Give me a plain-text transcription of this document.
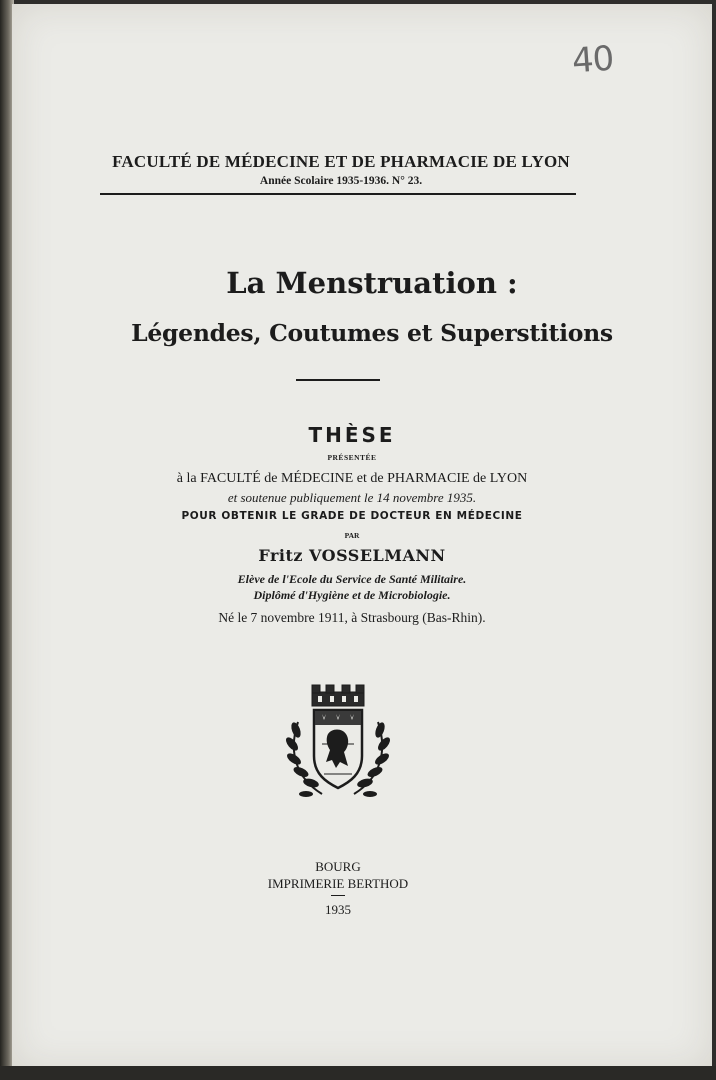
40
FACULTÉ DE MÉDECINE ET DE PHARMACIE DE LYON
Année Scolaire 1935-1936. N° 23.
La Menstruation :
Légendes, Coutumes et Superstitions
THÈSE
PRÉSENTÉE
à la FACULTÉ de MÉDECINE et de PHARMACIE de LYON
et soutenue publiquement le 14 novembre 1935.
POUR OBTENIR LE GRADE DE DOCTEUR EN MÉDECINE
PAR
Fritz VOSSELMANN
Elève de l'Ecole du Service de Santé Militaire.
Diplômé d'Hygiène et de Microbiologie.
Né le 7 novembre 1911, à Strasbourg (Bas-Rhin).
BOURG
IMPRIMERIE BERTHOD
1935
